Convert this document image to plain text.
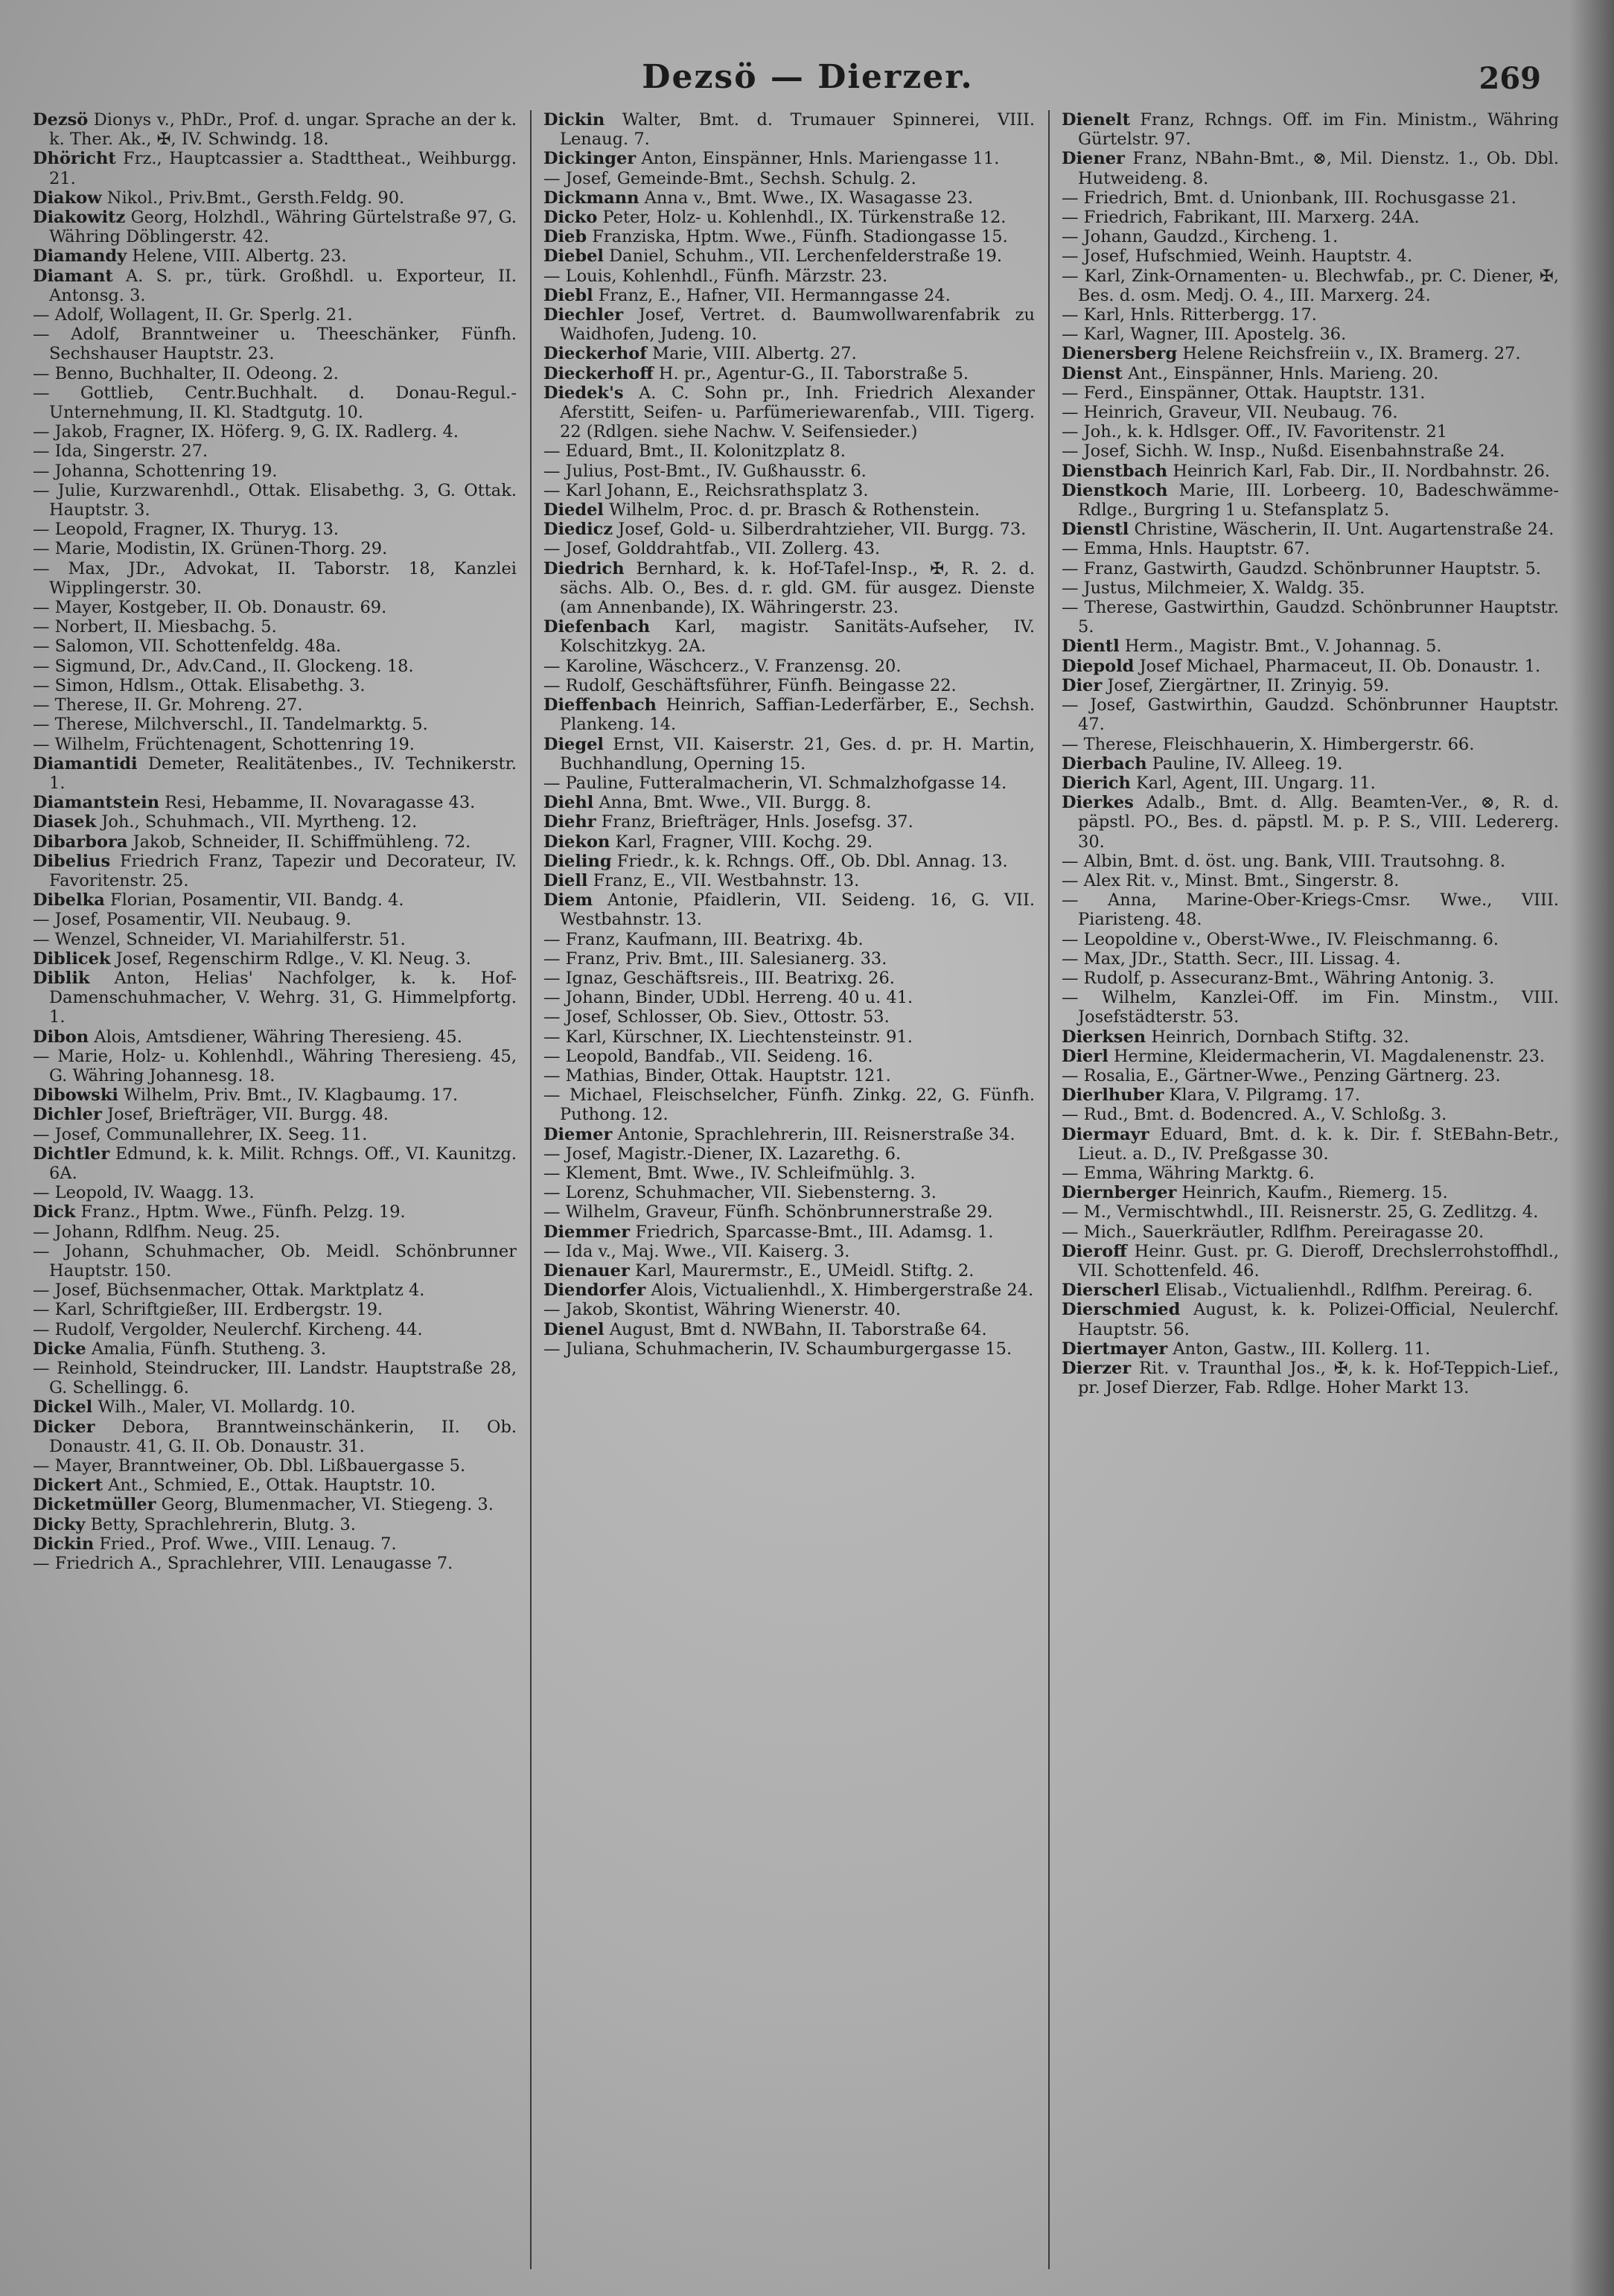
Dezsö — Dierzer.	269

Dezsö Dionys v., PhDr., Prof. d. ungar. Sprache an der k. k. Ther. Ak., ✠, IV. Schwindg. 18.

Dhöricht Frz., Hauptcassier a. Stadttheat., Weihburgg. 21.

Diakow Nikol., Priv.Bmt., Gersth.Feldg. 90.

Diakowitz Georg, Holzhdl., Währing Gürtelstraße 97, G. Währing Döblingerstr. 42.

Diamandy Helene, VIII. Albertg. 23.

Diamant A. S. pr., türk. Großhdl. u. Exporteur, II. Antonsg. 3.

— Adolf, Wollagent, II. Gr. Sperlg. 21.

— Adolf, Branntweiner u. Theeschänker, Fünfh. Sechshauser Hauptstr. 23.

— Benno, Buchhalter, II. Odeong. 2.

— Gottlieb, Centr.Buchhalt. d. Donau-Regul.-Unternehmung, II. Kl. Stadtgutg. 10.

— Jakob, Fragner, IX. Höferg. 9, G. IX. Radlerg. 4.

— Ida, Singerstr. 27.

— Johanna, Schottenring 19.

— Julie, Kurzwarenhdl., Ottak. Elisabethg. 3, G. Ottak. Hauptstr. 3.

— Leopold, Fragner, IX. Thuryg. 13.

— Marie, Modistin, IX. Grünen-Thorg. 29.

— Max, JDr., Advokat, II. Taborstr. 18, Kanzlei Wipplingerstr. 30.

— Mayer, Kostgeber, II. Ob. Donaustr. 69.

— Norbert, II. Miesbachg. 5.

— Salomon, VII. Schottenfeldg. 48a.

— Sigmund, Dr., Adv.Cand., II. Glockeng. 18.

— Simon, Hdlsm., Ottak. Elisabethg. 3.

— Therese, II. Gr. Mohreng. 27.

— Therese, Milchverschl., II. Tandelmarktg. 5.

— Wilhelm, Früchtenagent, Schottenring 19.

Diamantidi Demeter, Realitätenbes., IV. Technikerstr. 1.

Diamantstein Resi, Hebamme, II. Novaragasse 43.

Diasek Joh., Schuhmach., VII. Myrtheng. 12.

Dibarbora Jakob, Schneider, II. Schiffmühleng. 72.

Dibelius Friedrich Franz, Tapezir und Decorateur, IV. Favoritenstr. 25.

Dibelka Florian, Posamentir, VII. Bandg. 4.

— Josef, Posamentir, VII. Neubaug. 9.

— Wenzel, Schneider, VI. Mariahilferstr. 51.

Diblicek Josef, Regenschirm Rdlge., V. Kl. Neug. 3.

Diblik Anton, Helias' Nachfolger, k. k. Hof-Damenschuhmacher, V. Wehrg. 31, G. Himmelpfortg. 1.

Dibon Alois, Amtsdiener, Währing Theresieng. 45.

— Marie, Holz- u. Kohlenhdl., Währing Theresieng. 45, G. Währing Johannesg. 18.

Dibowski Wilhelm, Priv. Bmt., IV. Klagbaumg. 17.

Dichler Josef, Briefträger, VII. Burgg. 48.

— Josef, Communallehrer, IX. Seeg. 11.

Dichtler Edmund, k. k. Milit. Rchngs. Off., VI. Kaunitzg. 6A.

— Leopold, IV. Waagg. 13.

Dick Franz., Hptm. Wwe., Fünfh. Pelzg. 19.

— Johann, Rdlfhm. Neug. 25.

— Johann, Schuhmacher, Ob. Meidl. Schönbrunner Hauptstr. 150.

— Josef, Büchsenmacher, Ottak. Marktplatz 4.

— Karl, Schriftgießer, III. Erdbergstr. 19.

— Rudolf, Vergolder, Neulerchf. Kircheng. 44.

Dicke Amalia, Fünfh. Stutheng. 3.

— Reinhold, Steindrucker, III. Landstr. Hauptstraße 28, G. Schellingg. 6.

Dickel Wilh., Maler, VI. Mollardg. 10.

Dicker Debora, Branntweinschänkerin, II. Ob. Donaustr. 41, G. II. Ob. Donaustr. 31.

— Mayer, Branntweiner, Ob. Dbl. Lißbauergasse 5.

Dickert Ant., Schmied, E., Ottak. Hauptstr. 10.

Dicketmüller Georg, Blumenmacher, VI. Stiegeng. 3.

Dicky Betty, Sprachlehrerin, Blutg. 3.

Dickin Fried., Prof. Wwe., VIII. Lenaug. 7.

— Friedrich A., Sprachlehrer, VIII. Lenaugasse 7.

Dickin Walter, Bmt. d. Trumauer Spinnerei, VIII. Lenaug. 7.

Dickinger Anton, Einspänner, Hnls. Mariengasse 11.

— Josef, Gemeinde-Bmt., Sechsh. Schulg. 2.

Dickmann Anna v., Bmt. Wwe., IX. Wasagasse 23.

Dicko Peter, Holz- u. Kohlenhdl., IX. Türkenstraße 12.

Dieb Franziska, Hptm. Wwe., Fünfh. Stadiongasse 15.

Diebel Daniel, Schuhm., VII. Lerchenfelderstraße 19.

— Louis, Kohlenhdl., Fünfh. Märzstr. 23.

Diebl Franz, E., Hafner, VII. Hermanngasse 24.

Diechler Josef, Vertret. d. Baumwollwarenfabrik zu Waidhofen, Judeng. 10.

Dieckerhof Marie, VIII. Albertg. 27.

Dieckerhoff H. pr., Agentur-G., II. Taborstraße 5.

Diedek's A. C. Sohn pr., Inh. Friedrich Alexander Aferstitt, Seifen- u. Parfümeriewarenfab., VIII. Tigerg. 22 (Rdlgen. siehe Nachw. V. Seifensieder.)

— Eduard, Bmt., II. Kolonitzplatz 8.

— Julius, Post-Bmt., IV. Gußhausstr. 6.

— Karl Johann, E., Reichsrathsplatz 3.

Diedel Wilhelm, Proc. d. pr. Brasch & Rothenstein.

Diedicz Josef, Gold- u. Silberdrahtzieher, VII. Burgg. 73.

— Josef, Golddrahtfab., VII. Zollerg. 43.

Diedrich Bernhard, k. k. Hof-Tafel-Insp., ✠, R. 2. d. sächs. Alb. O., Bes. d. r. gld. GM. für ausgez. Dienste (am Annenbande), IX. Währingerstr. 23.

Diefenbach Karl, magistr. Sanitäts-Aufseher, IV. Kolschitzkyg. 2A.

— Karoline, Wäschcerz., V. Franzensg. 20.

— Rudolf, Geschäftsführer, Fünfh. Beingasse 22.

Dieffenbach Heinrich, Saffian-Lederfärber, E., Sechsh. Plankeng. 14.

Diegel Ernst, VII. Kaiserstr. 21, Ges. d. pr. H. Martin, Buchhandlung, Operning 15.

— Pauline, Futteralmacherin, VI. Schmalzhofgasse 14.

Diehl Anna, Bmt. Wwe., VII. Burgg. 8.

Diehr Franz, Briefträger, Hnls. Josefsg. 37.

Diekon Karl, Fragner, VIII. Kochg. 29.

Dieling Friedr., k. k. Rchngs. Off., Ob. Dbl. Annag. 13.

Diell Franz, E., VII. Westbahnstr. 13.

Diem Antonie, Pfaidlerin, VII. Seideng. 16, G. VII. Westbahnstr. 13.

— Franz, Kaufmann, III. Beatrixg. 4b.

— Franz, Priv. Bmt., III. Salesianerg. 33.

— Ignaz, Geschäftsreis., III. Beatrixg. 26.

— Johann, Binder, UDbl. Herreng. 40 u. 41.

— Josef, Schlosser, Ob. Siev., Ottostr. 53.

— Karl, Kürschner, IX. Liechtensteinstr. 91.

— Leopold, Bandfab., VII. Seideng. 16.

— Mathias, Binder, Ottak. Hauptstr. 121.

— Michael, Fleischselcher, Fünfh. Zinkg. 22, G. Fünfh. Puthong. 12.

Diemer Antonie, Sprachlehrerin, III. Reisnerstraße 34.

— Josef, Magistr.-Diener, IX. Lazarethg. 6.

— Klement, Bmt. Wwe., IV. Schleifmühlg. 3.

— Lorenz, Schuhmacher, VII. Siebensterng. 3.

— Wilhelm, Graveur, Fünfh. Schönbrunnerstraße 29.

Diemmer Friedrich, Sparcasse-Bmt., III. Adamsg. 1.

— Ida v., Maj. Wwe., VII. Kaiserg. 3.

Dienauer Karl, Maurermstr., E., UMeidl. Stiftg. 2.

Diendorfer Alois, Victualienhdl., X. Himbergerstraße 24.

— Jakob, Skontist, Währing Wienerstr. 40.

Dienel August, Bmt d. NWBahn, II. Taborstraße 64.

— Juliana, Schuhmacherin, IV. Schaumburgergasse 15.

Dienelt Franz, Rchngs. Off. im Fin. Ministm., Währing Gürtelstr. 97.

Diener Franz, NBahn-Bmt., ⊗, Mil. Dienstz. 1., Ob. Dbl. Hutweideng. 8.

— Friedrich, Bmt. d. Unionbank, III. Rochusgasse 21.

— Friedrich, Fabrikant, III. Marxerg. 24A.

— Johann, Gaudzd., Kircheng. 1.

— Josef, Hufschmied, Weinh. Hauptstr. 4.

— Karl, Zink-Ornamenten- u. Blechwfab., pr. C. Diener, ✠, Bes. d. osm. Medj. O. 4., III. Marxerg. 24.

— Karl, Hnls. Ritterbergg. 17.

— Karl, Wagner, III. Apostelg. 36.

Dienersberg Helene Reichsfreiin v., IX. Bramerg. 27.

Dienst Ant., Einspänner, Hnls. Marieng. 20.

— Ferd., Einspänner, Ottak. Hauptstr. 131.

— Heinrich, Graveur, VII. Neubaug. 76.

— Joh., k. k. Hdlsger. Off., IV. Favoritenstr. 21

— Josef, Sichh. W. Insp., Nußd. Eisenbahnstraße 24.

Dienstbach Heinrich Karl, Fab. Dir., II. Nordbahnstr. 26.

Dienstkoch Marie, III. Lorbeerg. 10, Badeschwämme-Rdlge., Burgring 1 u. Stefansplatz 5.

Dienstl Christine, Wäscherin, II. Unt. Augartenstraße 24.

— Emma, Hnls. Hauptstr. 67.

— Franz, Gastwirth, Gaudzd. Schönbrunner Hauptstr. 5.

— Justus, Milchmeier, X. Waldg. 35.

— Therese, Gastwirthin, Gaudzd. Schönbrunner Hauptstr. 5.

Dientl Herm., Magistr. Bmt., V. Johannag. 5.

Diepold Josef Michael, Pharmaceut, II. Ob. Donaustr. 1.

Dier Josef, Ziergärtner, II. Zrinyig. 59.

— Josef, Gastwirthin, Gaudzd. Schönbrunner Hauptstr. 47.

— Therese, Fleischhauerin, X. Himbergerstr. 66.

Dierbach Pauline, IV. Alleeg. 19.

Dierich Karl, Agent, III. Ungarg. 11.

Dierkes Adalb., Bmt. d. Allg. Beamten-Ver., ⊗, R. d. päpstl. PO., Bes. d. päpstl. M. p. P. S., VIII. Ledererg. 30.

— Albin, Bmt. d. öst. ung. Bank, VIII. Trautsohng. 8.

— Alex Rit. v., Minst. Bmt., Singerstr. 8.

— Anna, Marine-Ober-Kriegs-Cmsr. Wwe., VIII. Piaristeng. 48.

— Leopoldine v., Oberst-Wwe., IV. Fleischmanng. 6.

— Max, JDr., Statth. Secr., III. Lissag. 4.

— Rudolf, p. Assecuranz-Bmt., Währing Antonig. 3.

— Wilhelm, Kanzlei-Off. im Fin. Minstm., VIII. Josefstädterstr. 53.

Dierksen Heinrich, Dornbach Stiftg. 32.

Dierl Hermine, Kleidermacherin, VI. Magdalenenstr. 23.

— Rosalia, E., Gärtner-Wwe., Penzing Gärtnerg. 23.

Dierlhuber Klara, V. Pilgramg. 17.

— Rud., Bmt. d. Bodencred. A., V. Schloßg. 3.

Diermayr Eduard, Bmt. d. k. k. Dir. f. StEBahn-Betr., Lieut. a. D., IV. Preßgasse 30.

— Emma, Währing Marktg. 6.

Diernberger Heinrich, Kaufm., Riemerg. 15.

— M., Vermischtwhdl., III. Reisnerstr. 25, G. Zedlitzg. 4.

— Mich., Sauerkräutler, Rdlfhm. Pereiragasse 20.

Dieroff Heinr. Gust. pr. G. Dieroff, Drechslerrohstoffhdl., VII. Schottenfeld. 46.

Dierscherl Elisab., Victualienhdl., Rdlfhm. Pereirag. 6.

Dierschmied August, k. k. Polizei-Official, Neulerchf. Hauptstr. 56.

Diertmayer Anton, Gastw., III. Kollerg. 11.

Dierzer Rit. v. Traunthal Jos., ✠, k. k. Hof-Teppich-Lief., pr. Josef Dierzer, Fab. Rdlge. Hoher Markt 13.
